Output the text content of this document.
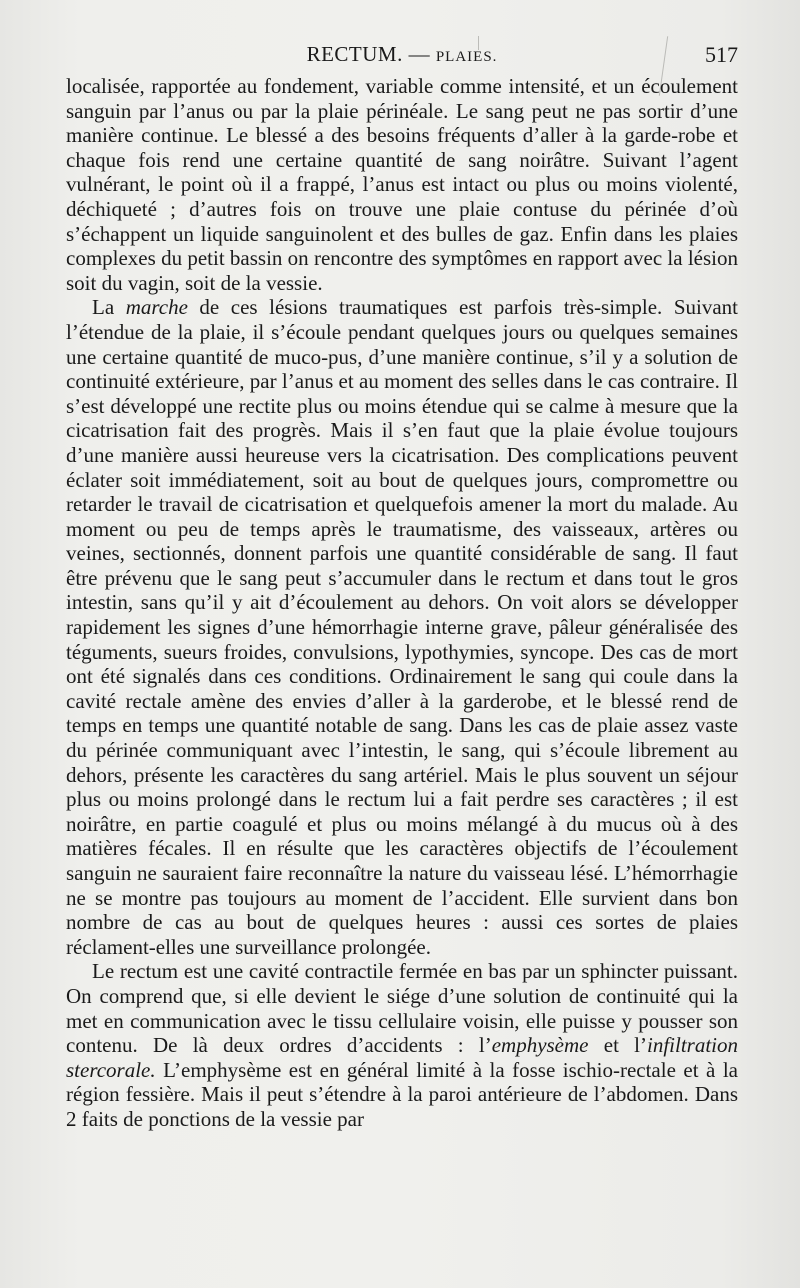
RECTUM. — PLAIES.	517

localisée, rapportée au fondement, variable comme intensité, et un écoulement sanguin par l’anus ou par la plaie périnéale. Le sang peut ne pas sortir d’une manière continue. Le blessé a des besoins fréquents d’aller à la garde-robe et chaque fois rend une certaine quantité de sang noirâtre. Suivant l’agent vulnérant, le point où il a frappé, l’anus est intact ou plus ou moins violenté, déchiqueté ; d’autres fois on trouve une plaie contuse du périnée d’où s’échappent un liquide sanguinolent et des bulles de gaz. Enfin dans les plaies complexes du petit bassin on rencontre des symptômes en rapport avec la lésion soit du vagin, soit de la vessie.

La marche de ces lésions traumatiques est parfois très-simple. Suivant l’étendue de la plaie, il s’écoule pendant quelques jours ou quelques semaines une certaine quantité de muco-pus, d’une manière continue, s’il y a solution de continuité extérieure, par l’anus et au moment des selles dans le cas contraire. Il s’est développé une rectite plus ou moins étendue qui se calme à mesure que la cicatrisation fait des progrès. Mais il s’en faut que la plaie évolue toujours d’une manière aussi heureuse vers la cicatrisation. Des complications peuvent éclater soit immédiatement, soit au bout de quelques jours, compromettre ou retarder le travail de cicatrisation et quelquefois amener la mort du malade. Au moment ou peu de temps après le traumatisme, des vaisseaux, artères ou veines, sectionnés, donnent parfois une quantité considérable de sang. Il faut être prévenu que le sang peut s’accumuler dans le rectum et dans tout le gros intestin, sans qu’il y ait d’écoulement au dehors. On voit alors se développer rapidement les signes d’une hémorrhagie interne grave, pâleur généralisée des téguments, sueurs froides, convulsions, lypothymies, syncope. Des cas de mort ont été signalés dans ces conditions. Ordinairement le sang qui coule dans la cavité rectale amène des envies d’aller à la garderobe, et le blessé rend de temps en temps une quantité notable de sang. Dans les cas de plaie assez vaste du périnée communiquant avec l’intestin, le sang, qui s’écoule librement au dehors, présente les caractères du sang artériel. Mais le plus souvent un séjour plus ou moins prolongé dans le rectum lui a fait perdre ses caractères ; il est noirâtre, en partie coagulé et plus ou moins mélangé à du mucus où à des matières fécales. Il en résulte que les caractères objectifs de l’écoulement sanguin ne sauraient faire reconnaître la nature du vaisseau lésé. L’hémorrhagie ne se montre pas toujours au moment de l’accident. Elle survient dans bon nombre de cas au bout de quelques heures : aussi ces sortes de plaies réclament-elles une surveillance prolongée.

Le rectum est une cavité contractile fermée en bas par un sphincter puissant. On comprend que, si elle devient le siége d’une solution de continuité qui la met en communication avec le tissu cellulaire voisin, elle puisse y pousser son contenu. De là deux ordres d’accidents : l’emphysème et l’infiltration stercorale. L’emphysème est en général limité à la fosse ischio-rectale et à la région fessière. Mais il peut s’étendre à la paroi antérieure de l’abdomen. Dans 2 faits de ponctions de la vessie par
